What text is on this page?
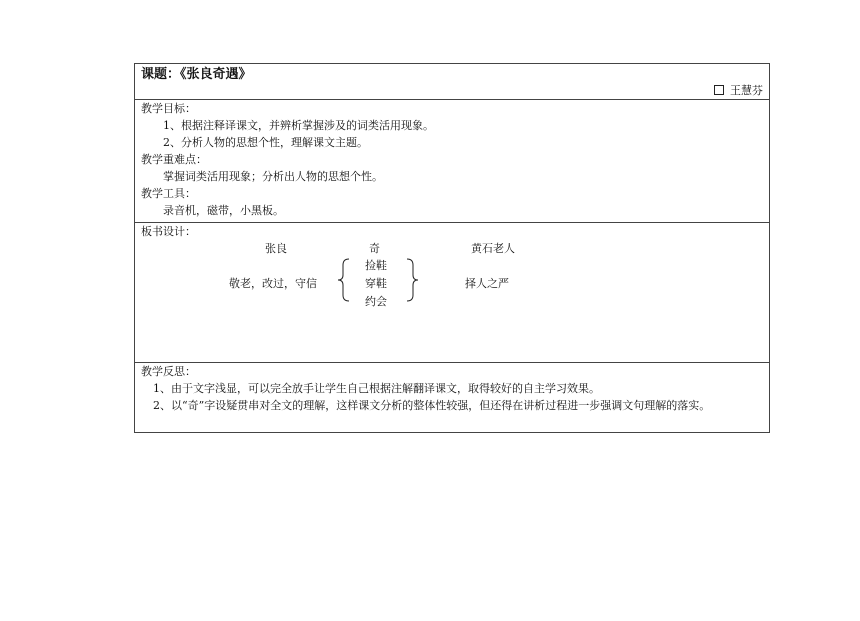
课题：《张良奇遇》
王慧芬
教学目标：
1、根据注释译课文，并辨析掌握涉及的词类活用现象。
2、分析人物的思想个性，理解课文主题。
教学重难点：
掌握词类活用现象；分析出人物的思想个性。
教学工具：
录音机，磁带，小黑板。
板书设计：
张良	奇	黄石老人
敬老，改过，守信
捡鞋
穿鞋
约会
择人之严
教学反思：
1、由于文字浅显，可以完全放手让学生自己根据注解翻译课文，取得较好的自主学习效果。
2、以“奇”字设疑贯串对全文的理解，这样课文分析的整体性较强，但还得在讲析过程进一步强调文句理解的落实。
